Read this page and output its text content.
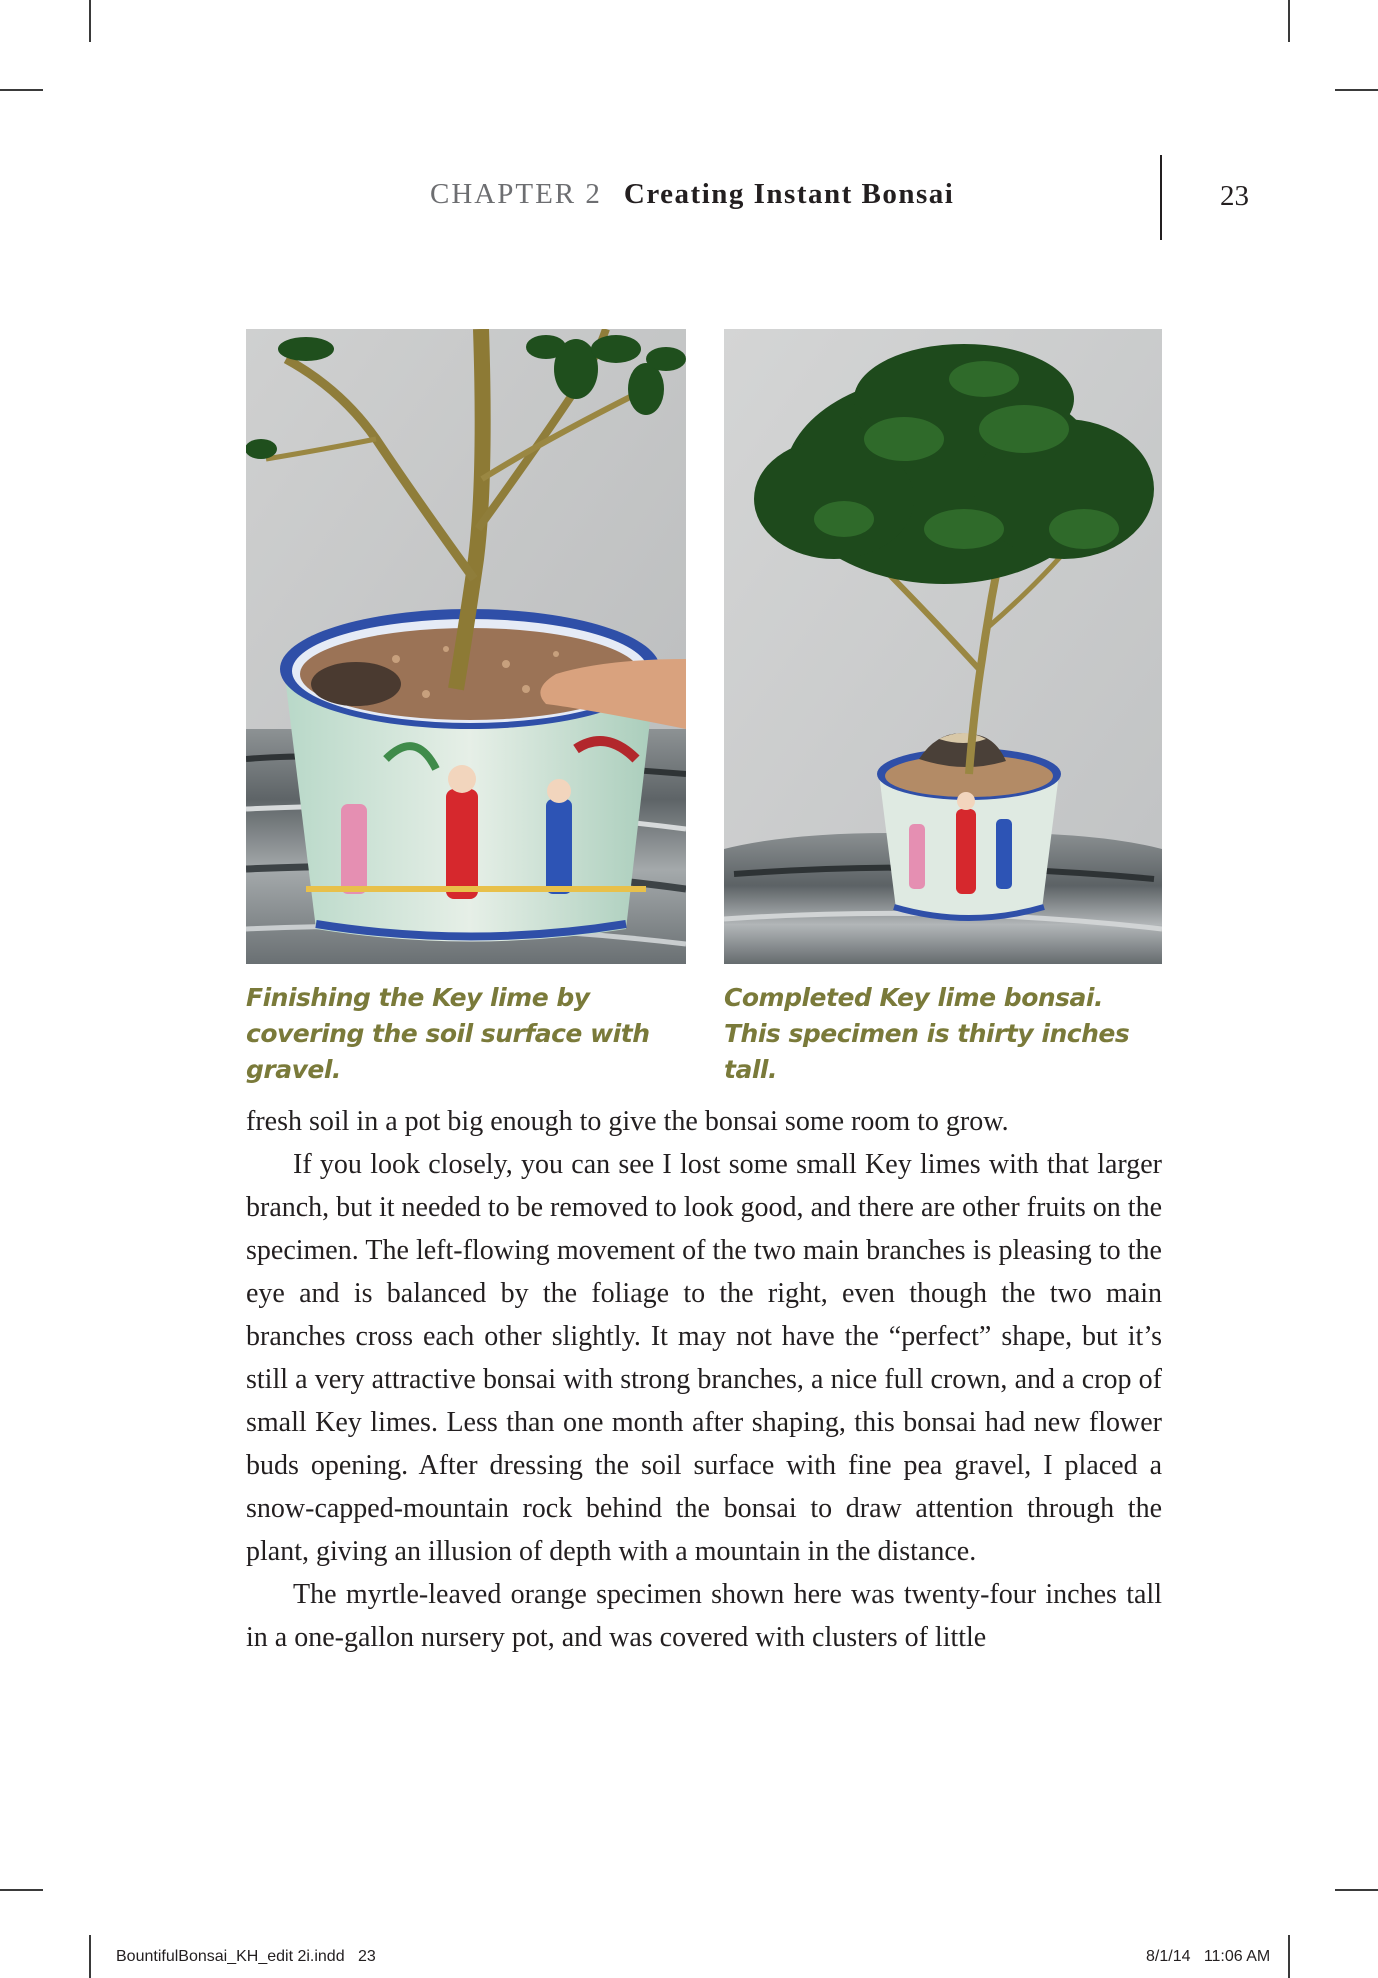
CHAPTER 2 Creating Instant Bonsai	23
Finishing the Key lime by covering the soil surface with gravel.
Completed Key lime bonsai. This specimen is thirty inches tall.

fresh soil in a pot big enough to give the bonsai some room to grow.

If you look closely, you can see I lost some small Key limes with that larger branch, but it needed to be removed to look good, and there are other fruits on the specimen. The left-flowing movement of the two main branches is pleasing to the eye and is balanced by the foliage to the right, even though the two main branches cross each other slightly. It may not have the “perfect” shape, but it’s still a very attractive bonsai with strong branches, a nice full crown, and a crop of small Key limes. Less than one month after shaping, this bonsai had new flower buds opening. After dressing the soil surface with fine pea gravel, I placed a snow-capped-mountain rock behind the bonsai to draw attention through the plant, giving an illusion of depth with a mountain in the distance.

The myrtle-leaved orange specimen shown here was twenty-four inches tall in a one-gallon nursery pot, and was covered with clusters of little

BountifulBonsai_KH_edit 2i.indd   23	8/1/14   11:06 AM
